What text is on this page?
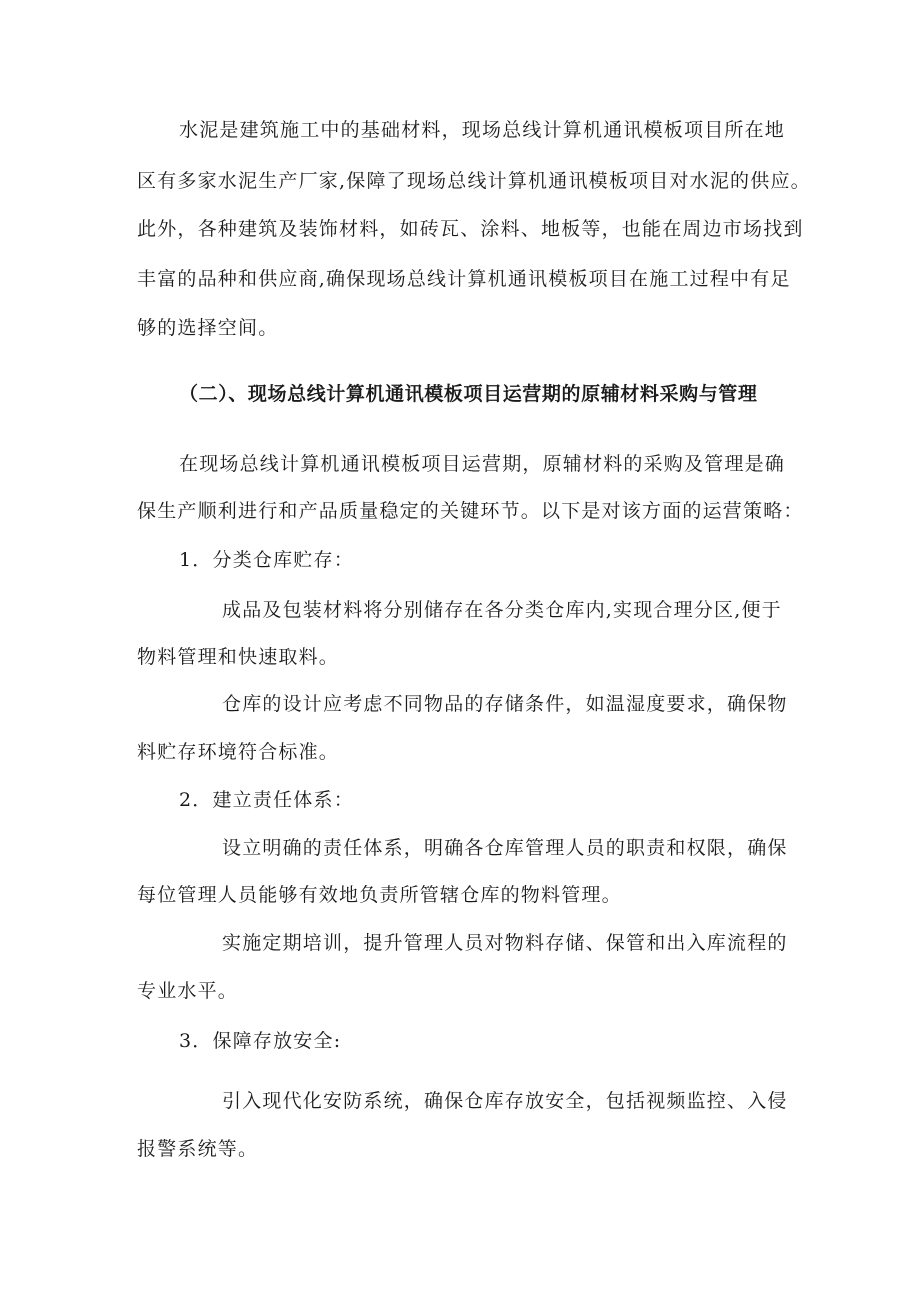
水泥是建筑施工中的基础材料，现场总线计算机通讯模板项目所在地
区有多家水泥生产厂家,保障了现场总线计算机通讯模板项目对水泥的供应。
此外，各种建筑及装饰材料，如砖瓦、涂料、地板等，也能在周边市场找到
丰富的品种和供应商,确保现场总线计算机通讯模板项目在施工过程中有足
够的选择空间。
（二）、现场总线计算机通讯模板项目运营期的原辅材料采购与管理
在现场总线计算机通讯模板项目运营期，原辅材料的采购及管理是确
保生产顺利进行和产品质量稳定的关键环节。以下是对该方面的运营策略：
1．分类仓库贮存：
成品及包装材料将分别储存在各分类仓库内,实现合理分区,便于
物料管理和快速取料。
仓库的设计应考虑不同物品的存储条件，如温湿度要求，确保物
料贮存环境符合标准。
2．建立责任体系：
设立明确的责任体系，明确各仓库管理人员的职责和权限，确保
每位管理人员能够有效地负责所管辖仓库的物料管理。
实施定期培训，提升管理人员对物料存储、保管和出入库流程的
专业水平。
3．保障存放安全:
引入现代化安防系统，确保仓库存放安全，包括视频监控、入侵
报警系统等。
